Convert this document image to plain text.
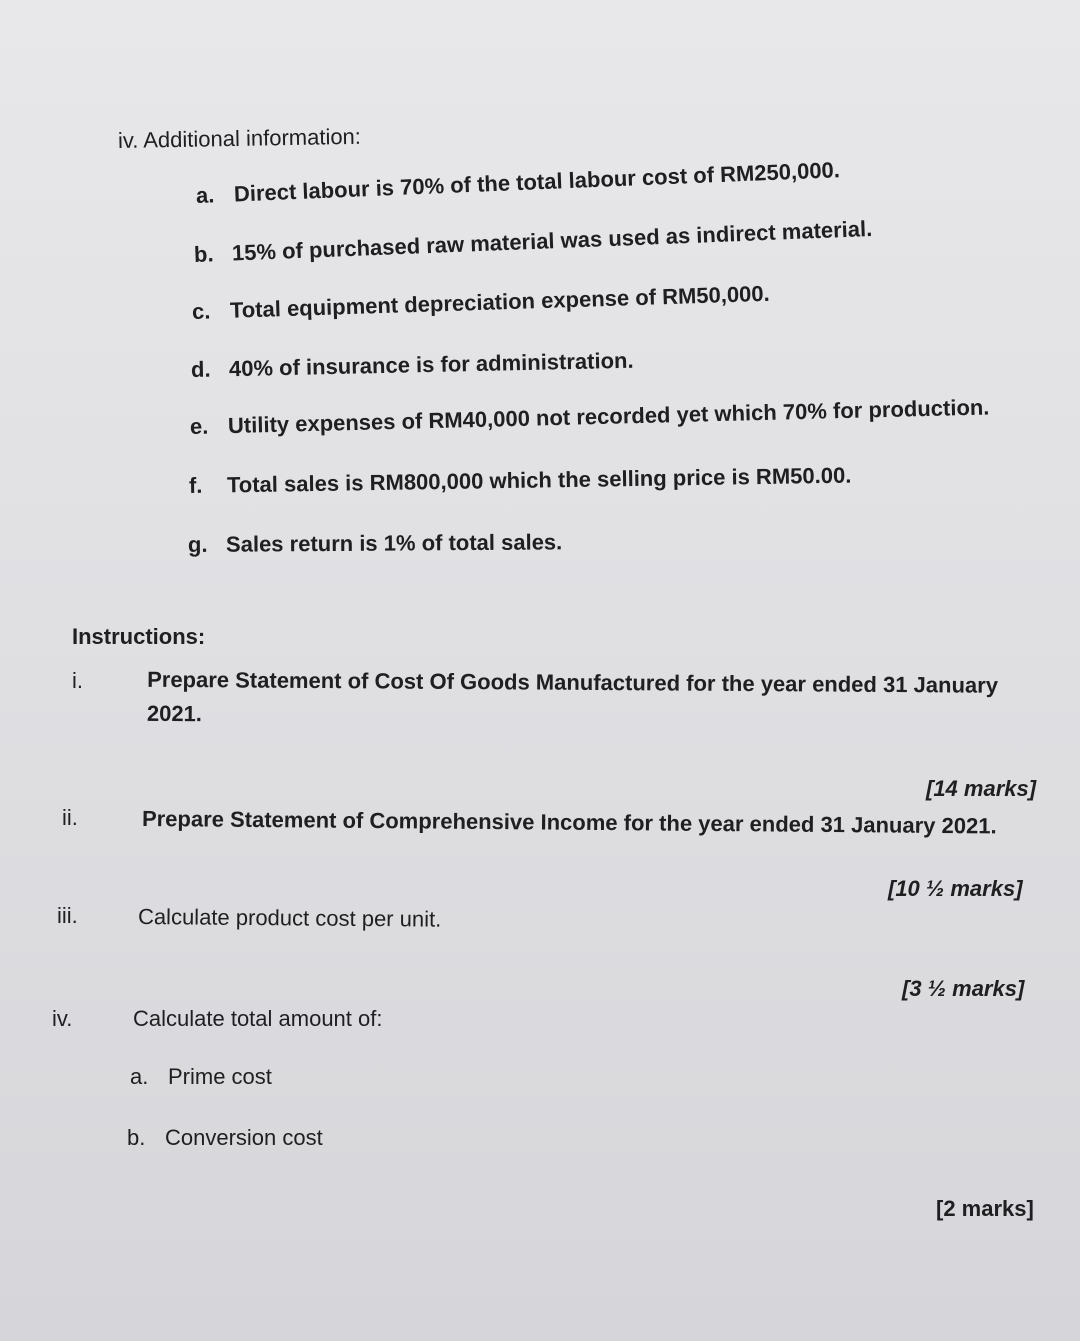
iv. Additional information:
a. Direct labour is 70% of the total labour cost of RM250,000.
b. 15% of purchased raw material was used as indirect material.
c. Total equipment depreciation expense of RM50,000.
d. 40% of insurance is for administration.
e. Utility expenses of RM40,000 not recorded yet which 70% for production.
f. Total sales is RM800,000 which the selling price is RM50.00.
g. Sales return is 1% of total sales.
Instructions:
i.	Prepare Statement of Cost Of Goods Manufactured for the year ended 31 January 2021.
[14 marks]
ii.	Prepare Statement of Comprehensive Income for the year ended 31 January 2021.
[10 ½ marks]
iii.	Calculate product cost per unit.
[3 ½ marks]
iv.	Calculate total amount of:
a. Prime cost
b. Conversion cost
[2 marks]
